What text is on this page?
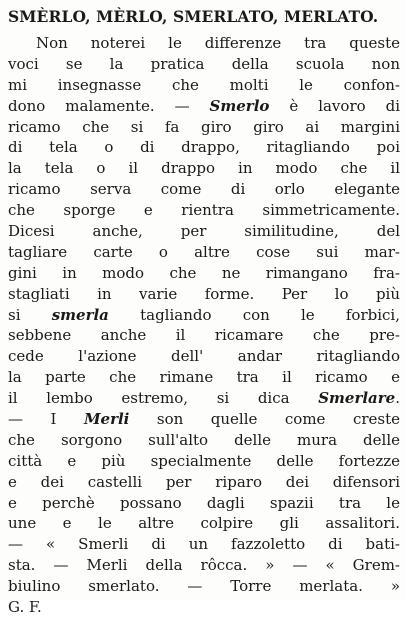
SMÈRLO, MÈRLO, SMERLATO, MERLATO.
Non noterei le differenze tra queste
voci se la pratica della scuola non
mi insegnasse che molti le confon-
dono malamente. — Smerlo è lavoro di
ricamo che si fa giro giro ai margini
di tela o di drappo, ritagliando poi
la tela o il drappo in modo che il
ricamo serva come di orlo elegante
che sporge e rientra simmetricamente.
Dicesi anche, per similitudine, del
tagliare carte o altre cose sui mar-
gini in modo che ne rimangano fra-
stagliati in varie forme. Per lo più
si smerla tagliando con le forbici,
sebbene anche il ricamare che pre-
cede l'azione dell' andar ritagliando
la parte che rimane tra il ricamo e
il lembo estremo, si dica Smerlare.
— I Merli son quelle come creste
che sorgono sull'alto delle mura delle
città e più specialmente delle fortezze
e dei castelli per riparo dei difensori
e perchè possano dagli spazii tra le
une e le altre colpire gli assalitori.
— « Smerli di un fazzoletto di bati-
sta. — Merli della rôcca. » — « Grem-
biulino smerlato. — Torre merlata. »
G. F.
